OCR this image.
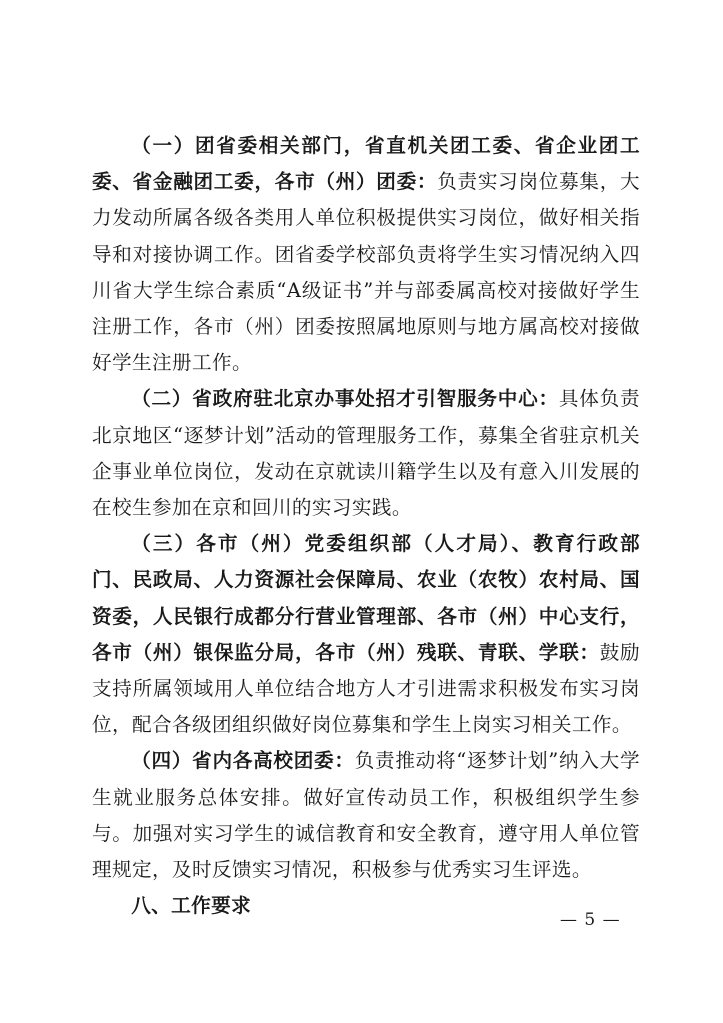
（一）团省委相关部门，省直机关团工委、省企业团工委、省金融团工委，各市（州）团委：负责实习岗位募集，大力发动所属各级各类用人单位积极提供实习岗位，做好相关指导和对接协调工作。团省委学校部负责将学生实习情况纳入四川省大学生综合素质“A级证书”并与部委属高校对接做好学生注册工作，各市（州）团委按照属地原则与地方属高校对接做好学生注册工作。

（二）省政府驻北京办事处招才引智服务中心：具体负责北京地区“逐梦计划”活动的管理服务工作，募集全省驻京机关企事业单位岗位，发动在京就读川籍学生以及有意入川发展的在校生参加在京和回川的实习实践。

（三）各市（州）党委组织部（人才局）、教育行政部门、民政局、人力资源社会保障局、农业（农牧）农村局、国资委，人民银行成都分行营业管理部、各市（州）中心支行，各市（州）银保监分局，各市（州）残联、青联、学联：鼓励支持所属领域用人单位结合地方人才引进需求积极发布实习岗位，配合各级团组织做好岗位募集和学生上岗实习相关工作。

（四）省内各高校团委：负责推动将“逐梦计划”纳入大学生就业服务总体安排。做好宣传动员工作，积极组织学生参与。加强对实习学生的诚信教育和安全教育，遵守用人单位管理规定，及时反馈实习情况，积极参与优秀实习生评选。

八、工作要求

— 5 —
